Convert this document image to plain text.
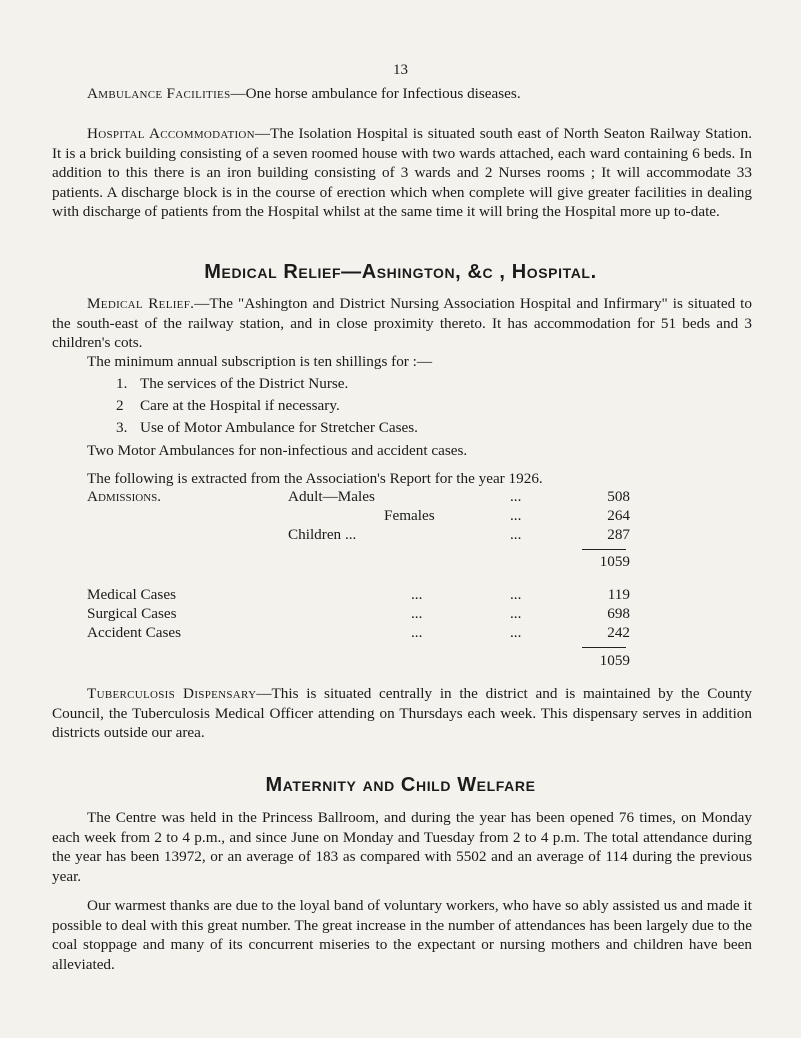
13

Ambulance Facilities—One horse ambulance for Infectious diseases.

Hospital Accommodation—The Isolation Hospital is situated south east of North Seaton Railway Station. It is a brick building consisting of a seven roomed house with two wards attached, each ward containing 6 beds. In addition to this there is an iron building consisting of 3 wards and 2 Nurses rooms ; It will accommodate 33 patients. A discharge block is in the course of erection which when complete will give greater facilities in dealing with discharge of patients from the Hospital whilst at the same time it will bring the Hospital more up to-date.

Medical Relief—Ashington, &c , Hospital.

Medical Relief.—The "Ashington and District Nursing Association Hospital and Infirmary" is situated to the south-east of the railway station, and in close proximity thereto. It has accommodation for 51 beds and 3 children's cots.

The minimum annual subscription is ten shillings for :—

1. The services of the District Nurse.
2 Care at the Hospital if necessary.
3. Use of Motor Ambulance for Stretcher Cases.

Two Motor Ambulances for non-infectious and accident cases.

The following is extracted from the Association's Report for the year 1926.

Admissions.	Adult—Males	...	508
Females	...	264
Children ...	...	287
1059
Medical Cases	...	...	119
Surgical Cases	...	...	698
Accident Cases	...	...	242
1059

Tuberculosis Dispensary—This is situated centrally in the district and is maintained by the County Council, the Tuberculosis Medical Officer attending on Thursdays each week. This dispensary serves in addition districts outside our area.

Maternity and Child Welfare

The Centre was held in the Princess Ballroom, and during the year has been opened 76 times, on Monday each week from 2 to 4 p.m., and since June on Monday and Tuesday from 2 to 4 p.m. The total attendance during the year has been 13972, or an average of 183 as compared with 5502 and an average of 114 during the previous year.

Our warmest thanks are due to the loyal band of voluntary workers, who have so ably assisted us and made it possible to deal with this great number. The great increase in the number of attendances has been largely due to the coal stoppage and many of its concurrent miseries to the expectant or nursing mothers and children have been alleviated.
